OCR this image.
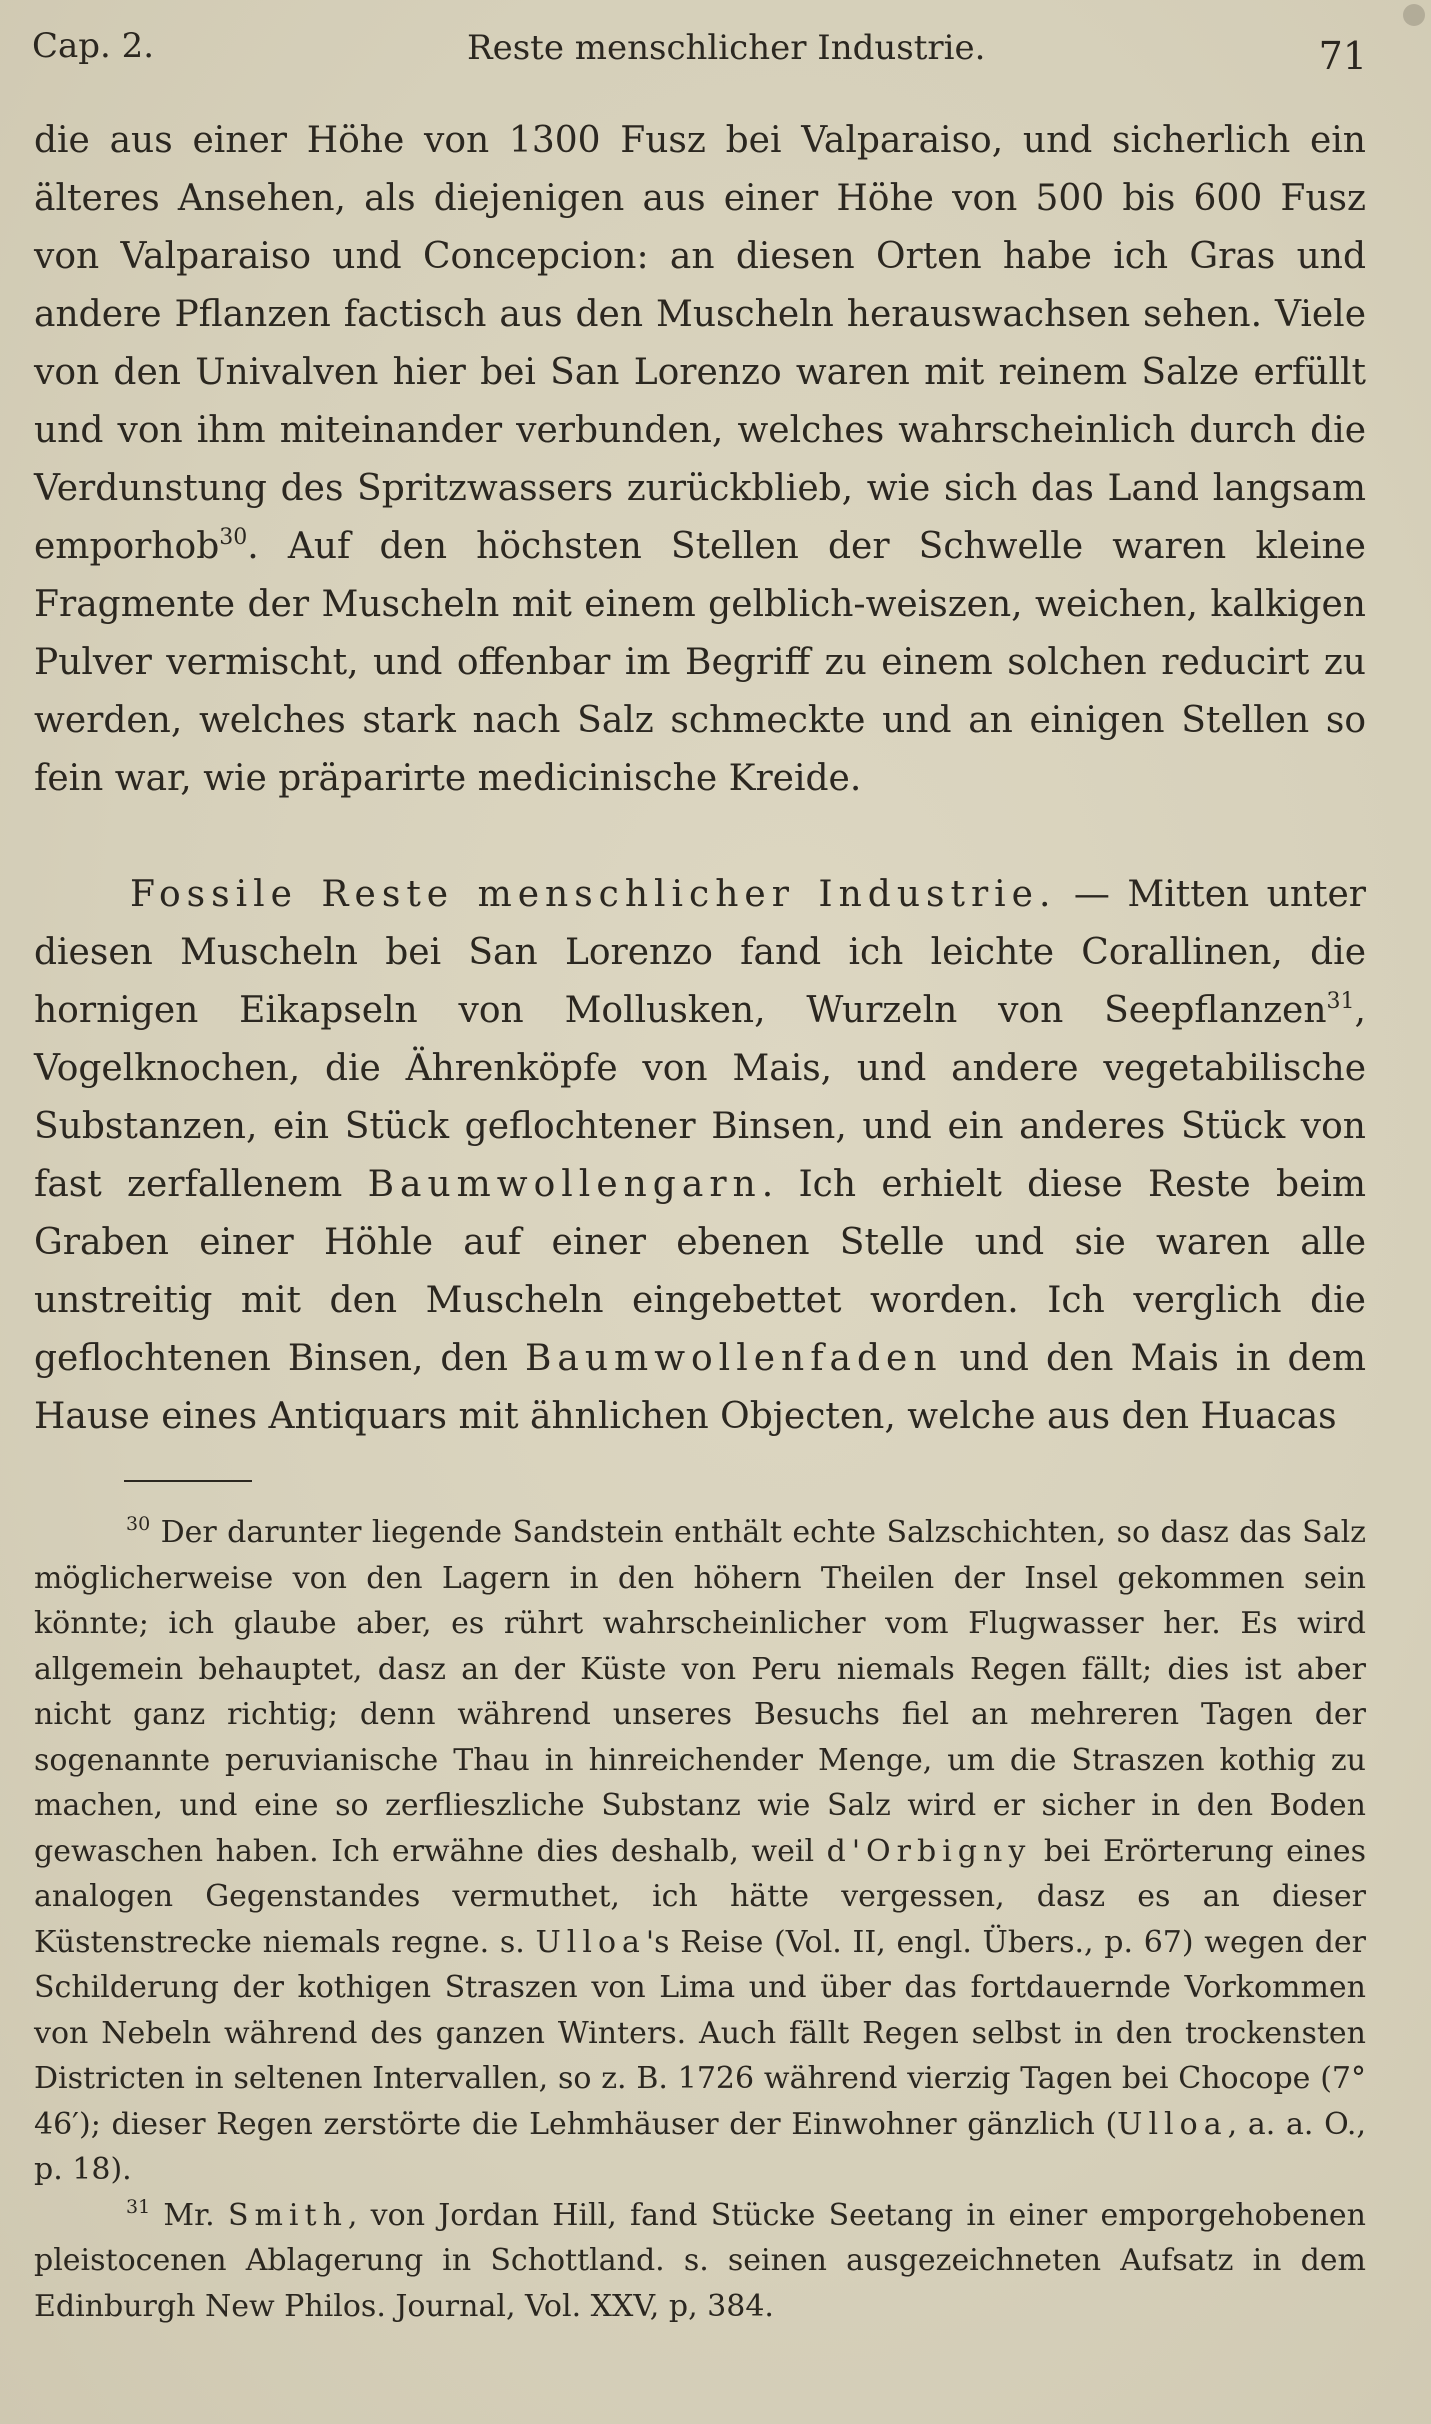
Cap. 2.	Reste menschlicher Industrie.	71

die aus einer Höhe von 1300 Fusz bei Valparaiso, und sicherlich ein älteres Ansehen, als diejenigen aus einer Höhe von 500 bis 600 Fusz von Valparaiso und Concepcion: an diesen Orten habe ich Gras und andere Pflanzen factisch aus den Muscheln herauswachsen sehen. Viele von den Univalven hier bei San Lorenzo waren mit reinem Salze erfüllt und von ihm miteinander verbunden, welches wahrscheinlich durch die Verdunstung des Spritzwassers zurückblieb, wie sich das Land langsam emporhob$^{30}$. Auf den höchsten Stellen der Schwelle waren kleine Fragmente der Muscheln mit einem gelblich-weiszen, weichen, kalkigen Pulver vermischt, und offenbar im Begriff zu einem solchen reducirt zu werden, welches stark nach Salz schmeckte und an einigen Stellen so fein war, wie präparirte medicinische Kreide.

Fossile Reste menschlicher Industrie. — Mitten unter diesen Muscheln bei San Lorenzo fand ich leichte Corallinen, die hornigen Eikapseln von Mollusken, Wurzeln von Seepflanzen$^{31}$, Vogelknochen, die Ährenköpfe von Mais, und andere vegetabilische Substanzen, ein Stück geflochtener Binsen, und ein anderes Stück von fast zerfallenem Baumwollengarn. Ich erhielt diese Reste beim Graben einer Höhle auf einer ebenen Stelle und sie waren alle unstreitig mit den Muscheln eingebettet worden. Ich verglich die geflochtenen Binsen, den Baumwollenfaden und den Mais in dem Hause eines Antiquars mit ähnlichen Objecten, welche aus den Huacas

$^{30}$ Der darunter liegende Sandstein enthält echte Salzschichten, so dasz das Salz möglicherweise von den Lagern in den höhern Theilen der Insel gekommen sein könnte; ich glaube aber, es rührt wahrscheinlicher vom Flugwasser her. Es wird allgemein behauptet, dasz an der Küste von Peru niemals Regen fällt; dies ist aber nicht ganz richtig; denn während unseres Besuchs fiel an mehreren Tagen der sogenannte peruvianische Thau in hinreichender Menge, um die Straszen kothig zu machen, und eine so zerflieszliche Substanz wie Salz wird er sicher in den Boden gewaschen haben. Ich erwähne dies deshalb, weil d'Orbigny bei Erörterung eines analogen Gegenstandes vermuthet, ich hätte vergessen, dasz es an dieser Küstenstrecke niemals regne. s. Ulloa's Reise (Vol. II, engl. Übers., p. 67) wegen der Schilderung der kothigen Straszen von Lima und über das fortdauernde Vorkommen von Nebeln während des ganzen Winters. Auch fällt Regen selbst in den trockensten Districten in seltenen Intervallen, so z. B. 1726 während vierzig Tagen bei Chocope (7° 46′); dieser Regen zerstörte die Lehmhäuser der Einwohner gänzlich (Ulloa, a. a. O., p. 18).

$^{31}$ Mr. Smith, von Jordan Hill, fand Stücke Seetang in einer emporgehobenen pleistocenen Ablagerung in Schottland. s. seinen ausgezeichneten Aufsatz in dem Edinburgh New Philos. Journal, Vol. XXV, p, 384.
